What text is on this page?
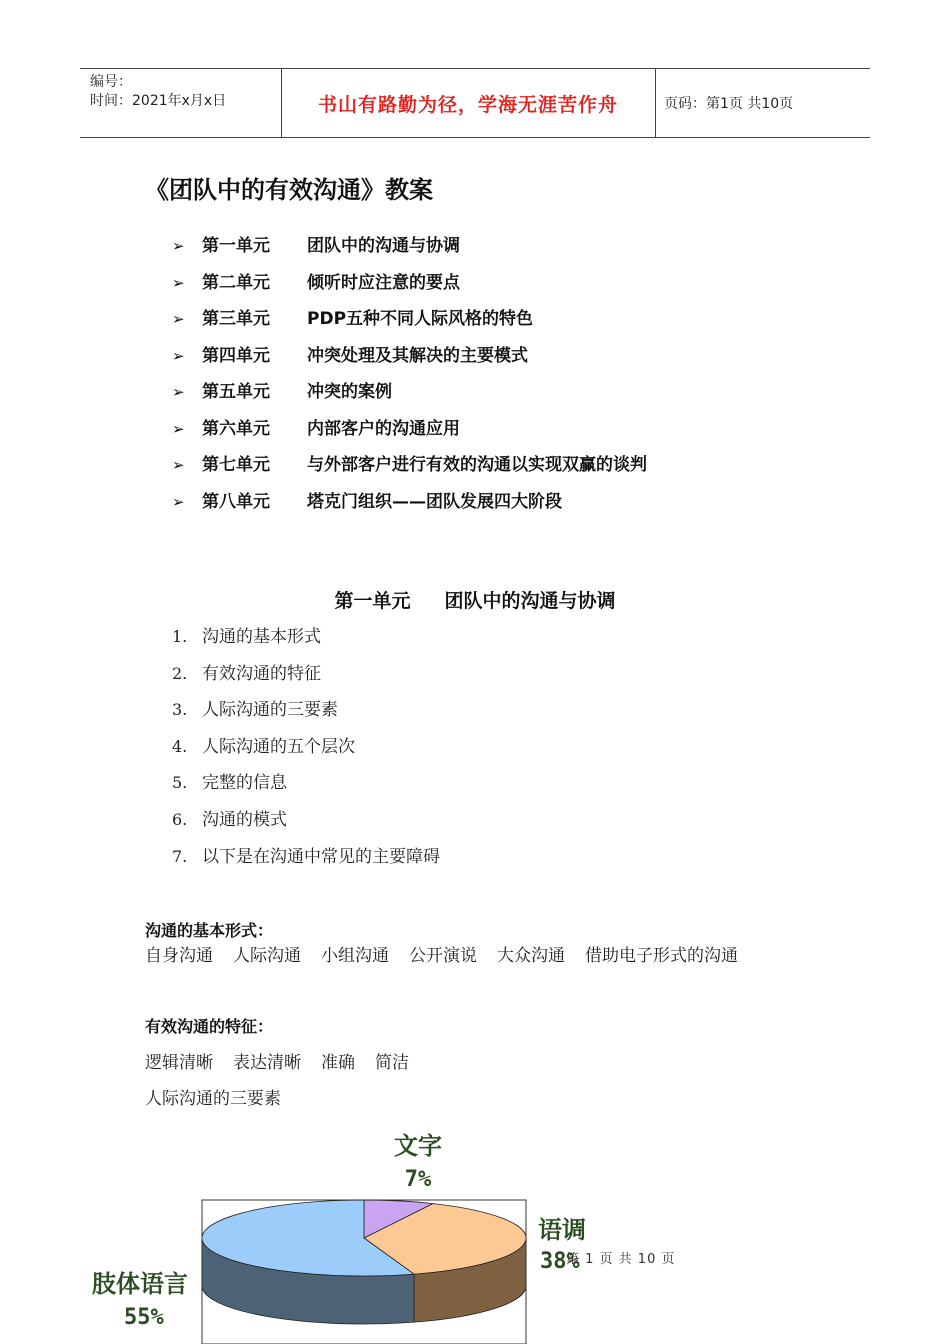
编号：
时间：2021年x月x日	书山有路勤为径，学海无涯苦作舟	页码：第1页 共10页
《团队中的有效沟通》教案
➢	第一单元	团队中的沟通与协调
➢	第二单元	倾听时应注意的要点
➢	第三单元	PDP五种不同人际风格的特色
➢	第四单元	冲突处理及其解决的主要模式
➢	第五单元	冲突的案例
➢	第六单元	内部客户的沟通应用
➢	第七单元	与外部客户进行有效的沟通以实现双赢的谈判
➢	第八单元	塔克门组织——团队发展四大阶段
第一单元 团队中的沟通与协调
1. 沟通的基本形式
2. 有效沟通的特征
3. 人际沟通的三要素
4. 人际沟通的五个层次
5. 完整的信息
6. 沟通的模式
7. 以下是在沟通中常见的主要障碍
沟通的基本形式：
自身沟通 人际沟通 小组沟通 公开演说 大众沟通 借助电子形式的沟通
有效沟通的特征：
逻辑清晰 表达清晰 准确 简洁
人际沟通的三要素
文字
7%
语调
38%
肢体语言
55%
第 1 页 共 10 页
